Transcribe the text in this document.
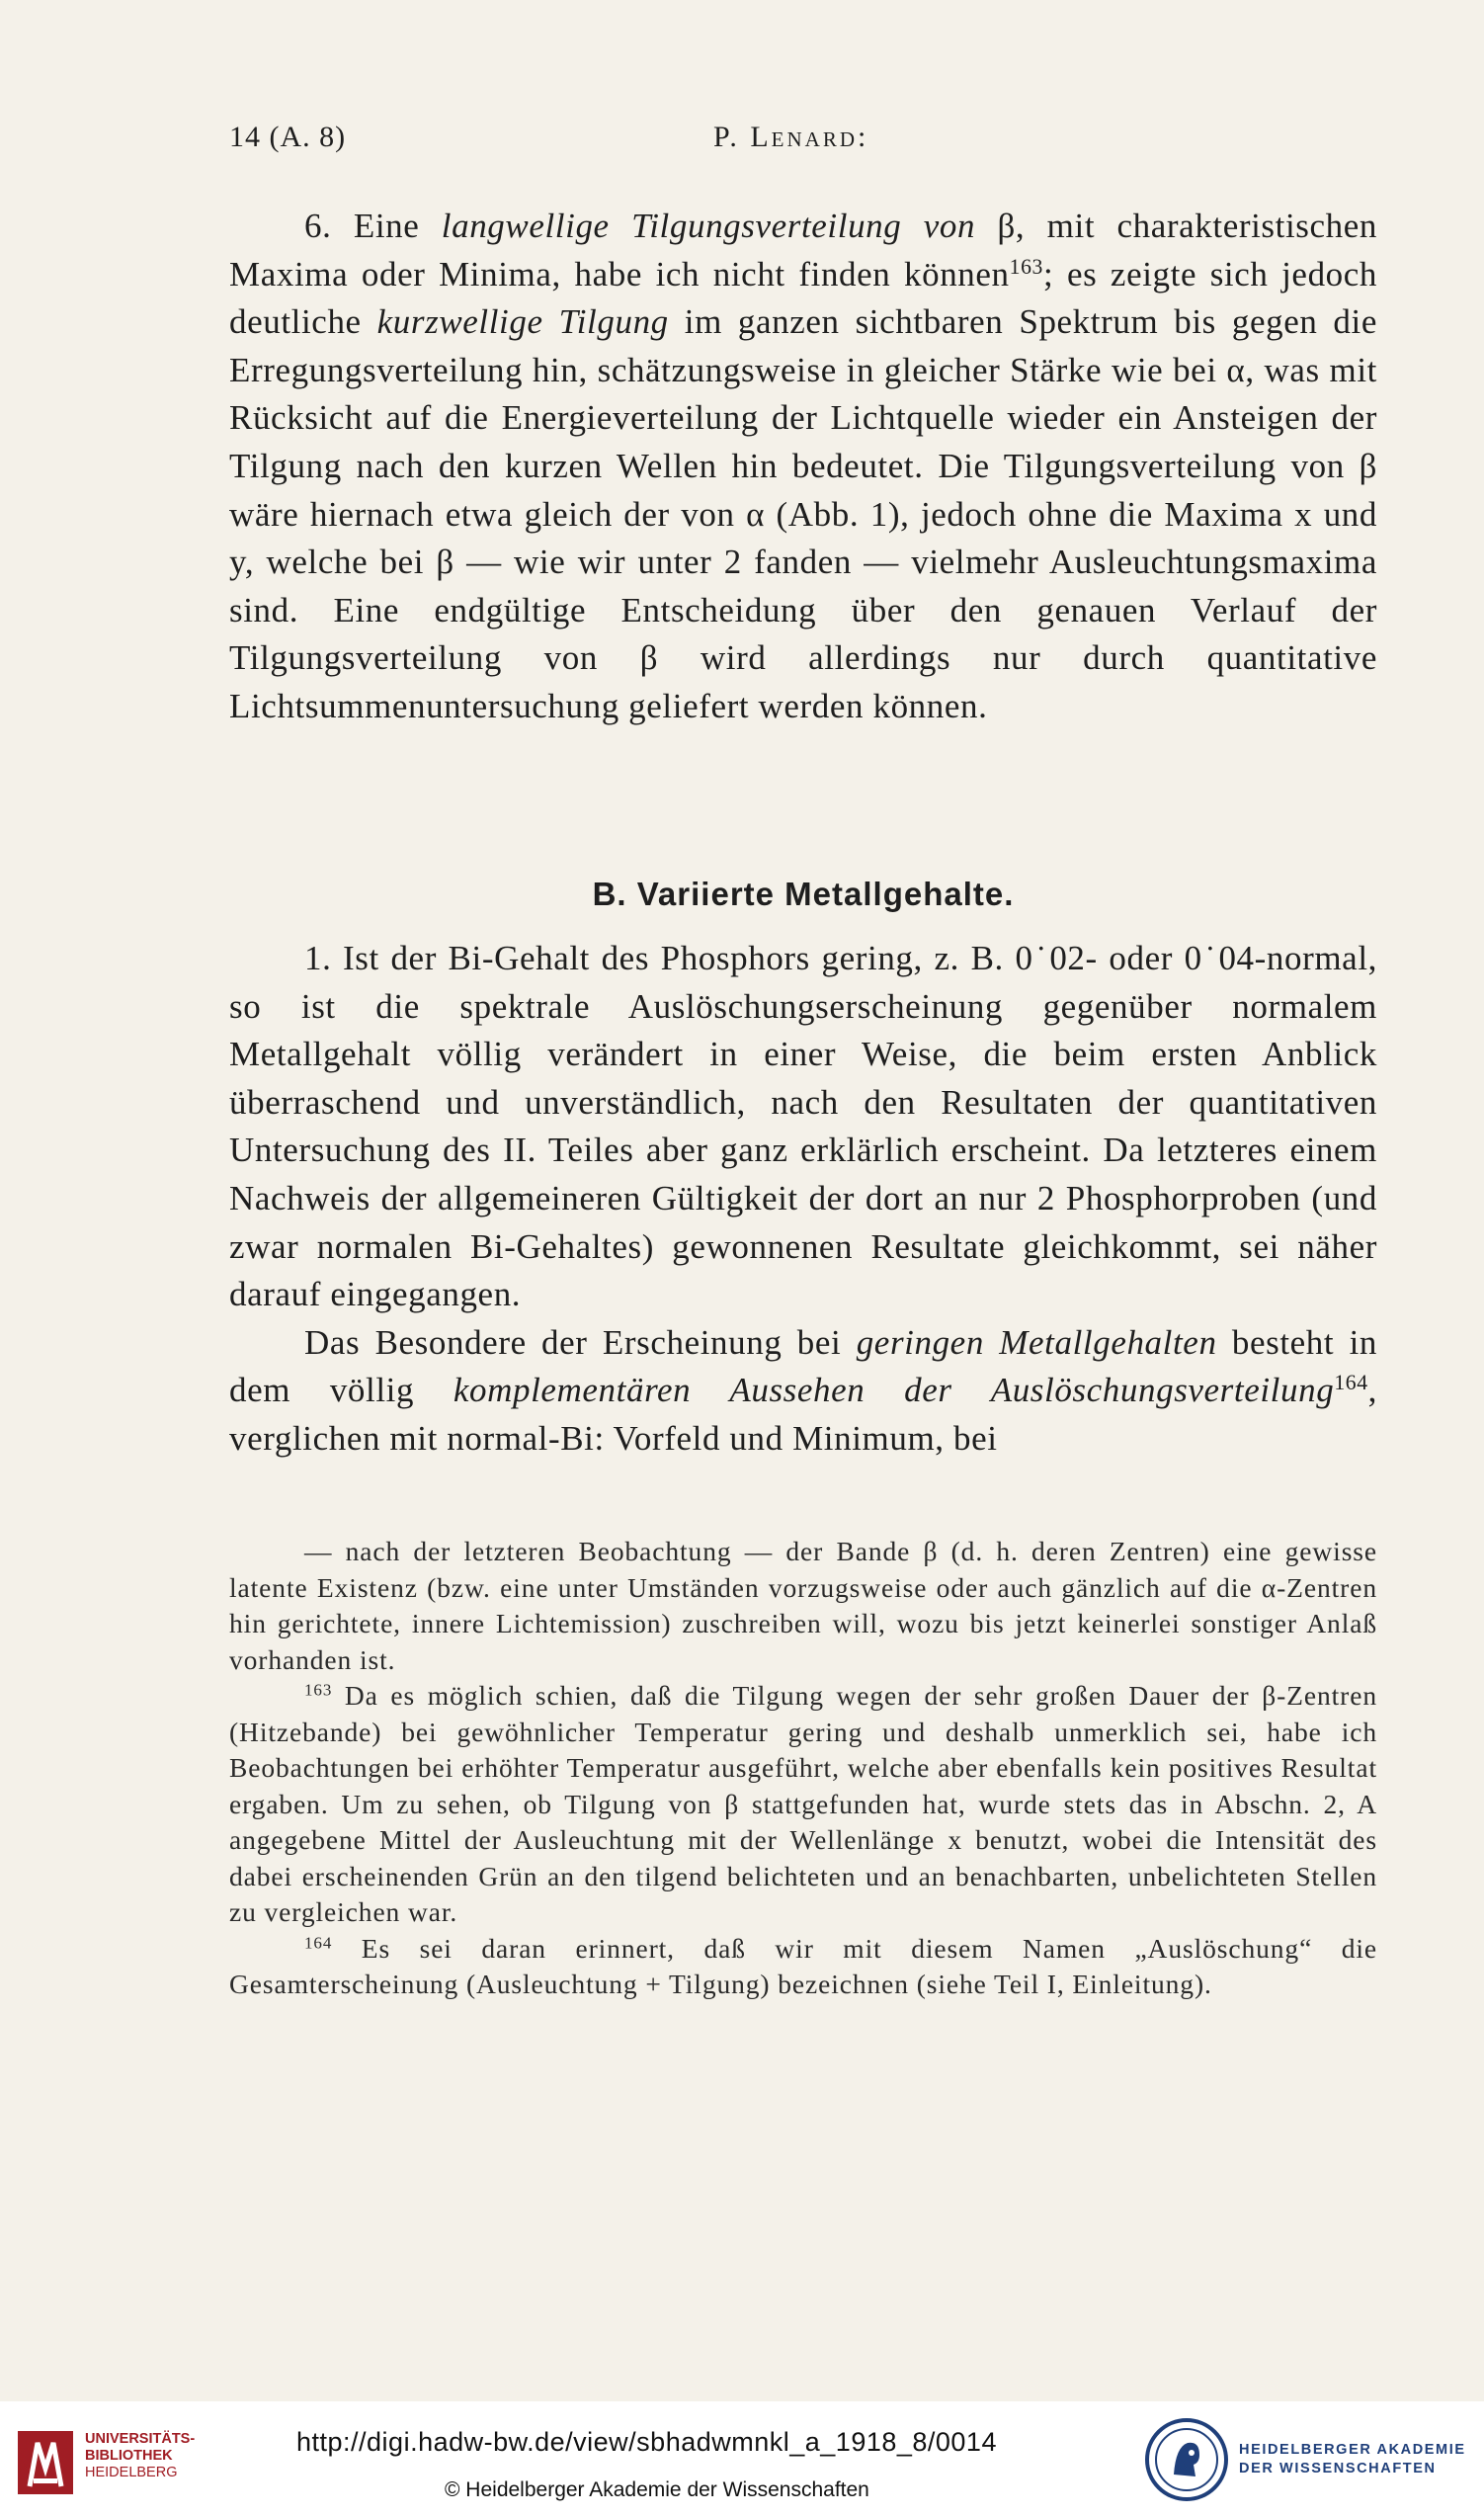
14 (A. 8)	P. Lenard:

6. Eine langwellige Tilgungsverteilung von β, mit charakteristischen Maxima oder Minima, habe ich nicht finden können$^{163}$; es zeigte sich jedoch deutliche kurzwellige Tilgung im ganzen sichtbaren Spektrum bis gegen die Erregungsverteilung hin, schätzungsweise in gleicher Stärke wie bei α, was mit Rücksicht auf die Energieverteilung der Lichtquelle wieder ein Ansteigen der Tilgung nach den kurzen Wellen hin bedeutet. Die Tilgungsverteilung von β wäre hiernach etwa gleich der von α (Abb. 1), jedoch ohne die Maxima x und y, welche bei β — wie wir unter 2 fanden — vielmehr Ausleuchtungsmaxima sind. Eine endgültige Entscheidung über den genauen Verlauf der Tilgungsverteilung von β wird allerdings nur durch quantitative Lichtsummenuntersuchung geliefert werden können.

B. Variierte Metallgehalte.

1. Ist der Bi-Gehalt des Phosphors gering, z. B. 0˙02- oder 0˙04-normal, so ist die spektrale Auslöschungserscheinung gegenüber normalem Metallgehalt völlig verändert in einer Weise, die beim ersten Anblick überraschend und unverständlich, nach den Resultaten der quantitativen Untersuchung des II. Teiles aber ganz erklärlich erscheint. Da letzteres einem Nachweis der allgemeineren Gültigkeit der dort an nur 2 Phosphorproben (und zwar normalen Bi-Gehaltes) gewonnenen Resultate gleichkommt, sei näher darauf eingegangen.

Das Besondere der Erscheinung bei geringen Metallgehalten besteht in dem völlig komplementären Aussehen der Auslöschungsverteilung$^{164}$, verglichen mit normal-Bi: Vorfeld und Minimum, bei

— nach der letzteren Beobachtung — der Bande β (d. h. deren Zentren) eine gewisse latente Existenz (bzw. eine unter Umständen vorzugsweise oder auch gänzlich auf die α-Zentren hin gerichtete, innere Lichtemission) zuschreiben will, wozu bis jetzt keinerlei sonstiger Anlaß vorhanden ist.

$^{163}$ Da es möglich schien, daß die Tilgung wegen der sehr großen Dauer der β-Zentren (Hitzebande) bei gewöhnlicher Temperatur gering und deshalb unmerklich sei, habe ich Beobachtungen bei erhöhter Temperatur ausgeführt, welche aber ebenfalls kein positives Resultat ergaben. Um zu sehen, ob Tilgung von β stattgefunden hat, wurde stets das in Abschn. 2, A angegebene Mittel der Ausleuchtung mit der Wellenlänge x benutzt, wobei die Intensität des dabei erscheinenden Grün an den tilgend belichteten und an benachbarten, unbelichteten Stellen zu vergleichen war.

$^{164}$ Es sei daran erinnert, daß wir mit diesem Namen „Auslöschung“ die Gesamterscheinung (Ausleuchtung + Tilgung) bezeichnen (siehe Teil I, Einleitung).

UNIVERSITÄTS-
BIBLIOTHEK
HEIDELBERG
http://digi.hadw-bw.de/view/sbhadwmnkl_a_1918_8/0014
© Heidelberger Akademie der Wissenschaften
HEIDELBERGER AKADEMIE
DER WISSENSCHAFTEN
